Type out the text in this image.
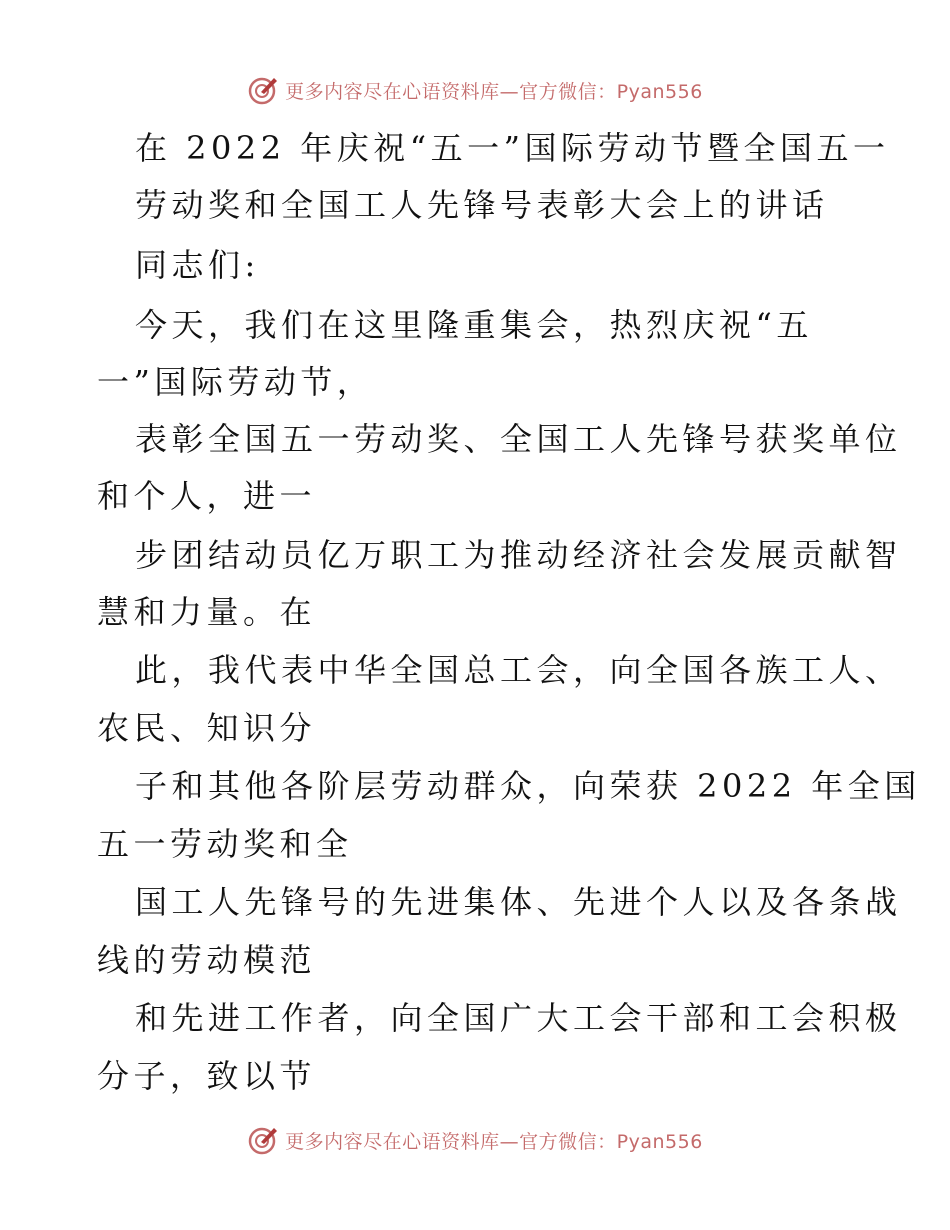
更多内容尽在心语资料库—官方微信：Pyan556
在 2022 年庆祝“五一”国际劳动节暨全国五一
劳动奖和全国工人先锋号表彰大会上的讲话
同志们:
今天，我们在这里隆重集会，热烈庆祝“五
一”国际劳动节，
表彰全国五一劳动奖、全国工人先锋号获奖单位
和个人，进一
步团结动员亿万职工为推动经济社会发展贡献智
慧和力量。在
此，我代表中华全国总工会，向全国各族工人、
农民、知识分
子和其他各阶层劳动群众，向荣获 2022 年全国
五一劳动奖和全
国工人先锋号的先进集体、先进个人以及各条战
线的劳动模范
和先进工作者，向全国广大工会干部和工会积极
分子，致以节
更多内容尽在心语资料库—官方微信：Pyan556
